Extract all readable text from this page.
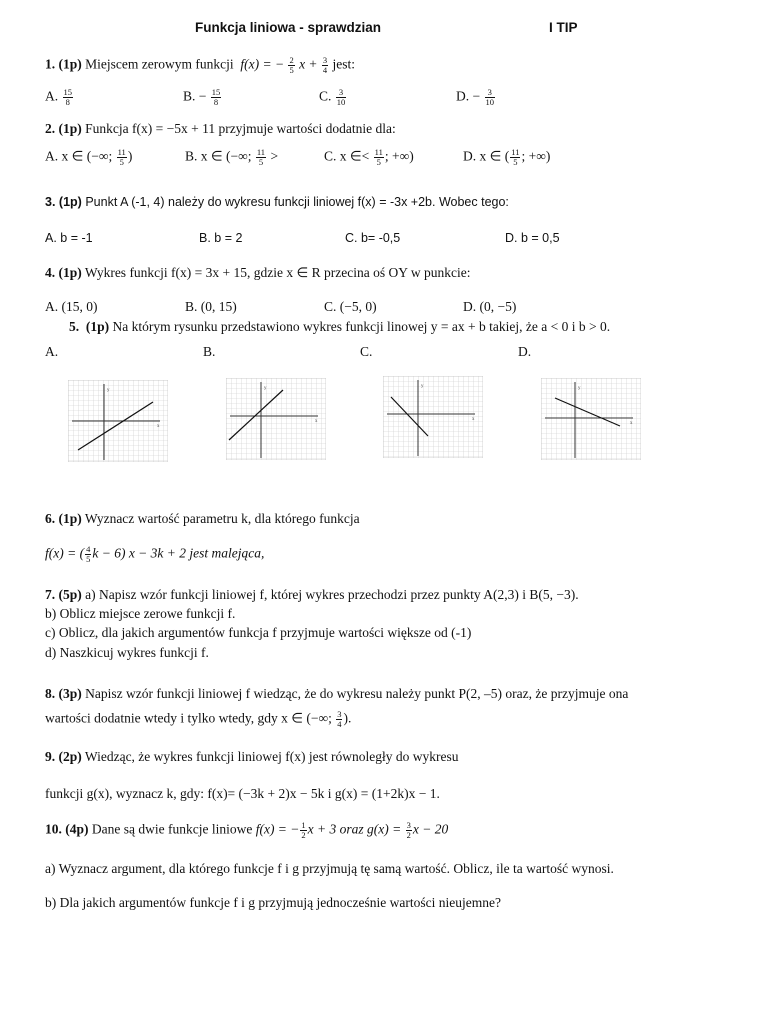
Funkcja liniowa - sprawdzian	I TIP
1. (1p) Miejscem zerowym funkcji f(x) = − $\frac{2}{5}$ $x + \frac{3}{4}$ jest:
A. $\frac{15}{8}$	B. − $\frac{15}{8}$	C. $\frac{3}{10}$	D. − $\frac{3}{10}$
2. (1p) Funkcja f(x) = −5x + 11 przyjmuje wartości dodatnie dla:
A. x ∈ (−∞; $\frac{11}{5}$ )	B. x ∈ (−∞; $\frac{11}{5}$ >	C. x ∈< $\frac{11}{5}$ ; +∞)	D. x ∈ ( $\frac{11}{5}$ ; +∞)
3. (1p) Punkt A (-1, 4) należy do wykresu funkcji liniowej f(x) = -3x +2b. Wobec tego:
A. b = -1	B. b = 2	C. b= -0,5	D. b = 0,5
4. (1p) Wykres funkcji f(x) = 3x + 15, gdzie x ∈ R przecina oś OY w punkcie:
A. (15, 0)	B. (0, 15)	C. (−5, 0)	D. (0, −5)
5. (1p) Na którym rysunku przedstawiono wykres funkcji linowej y = ax + b takiej, że a < 0 i b > 0.
A.	B.	C.	D.
y
x
y
x
y
x
y
x
6. (1p) Wyznacz wartość parametru k, dla którego funkcja
f(x) = ( $\frac{4}{5}$ k − 6) x − 3k + 2 jest malejąca,
7. (5p) a) Napisz wzór funkcji liniowej f, której wykres przechodzi przez punkty A(2,3) i B(5, −3).
b) Oblicz miejsce zerowe funkcji f.
c) Oblicz, dla jakich argumentów funkcja f przyjmuje wartości większe od (-1)
d) Naszkicuj wykres funkcji f.
8. (3p) Napisz wzór funkcji liniowej f wiedząc, że do wykresu należy punkt P(2, –5) oraz, że przyjmuje ona
wartości dodatnie wtedy i tylko wtedy, gdy x ∈ (−∞; $\frac{3}{4}$ ).
9. (2p) Wiedząc, że wykres funkcji liniowej f(x) jest równoległy do wykresu
funkcji g(x), wyznacz k, gdy: f(x)= (−3k + 2)x − 5k i g(x) = (1+2k)x − 1.
10. (4p) Dane są dwie funkcje liniowe f(x) = − $\frac{1}{2}$ x + 3 oraz $g(x) = \frac{3}{2}$ x − 20
a) Wyznacz argument, dla którego funkcje f i g przyjmują tę samą wartość. Oblicz, ile ta wartość wynosi.
b) Dla jakich argumentów funkcje f i g przyjmują jednocześnie wartości nieujemne?
